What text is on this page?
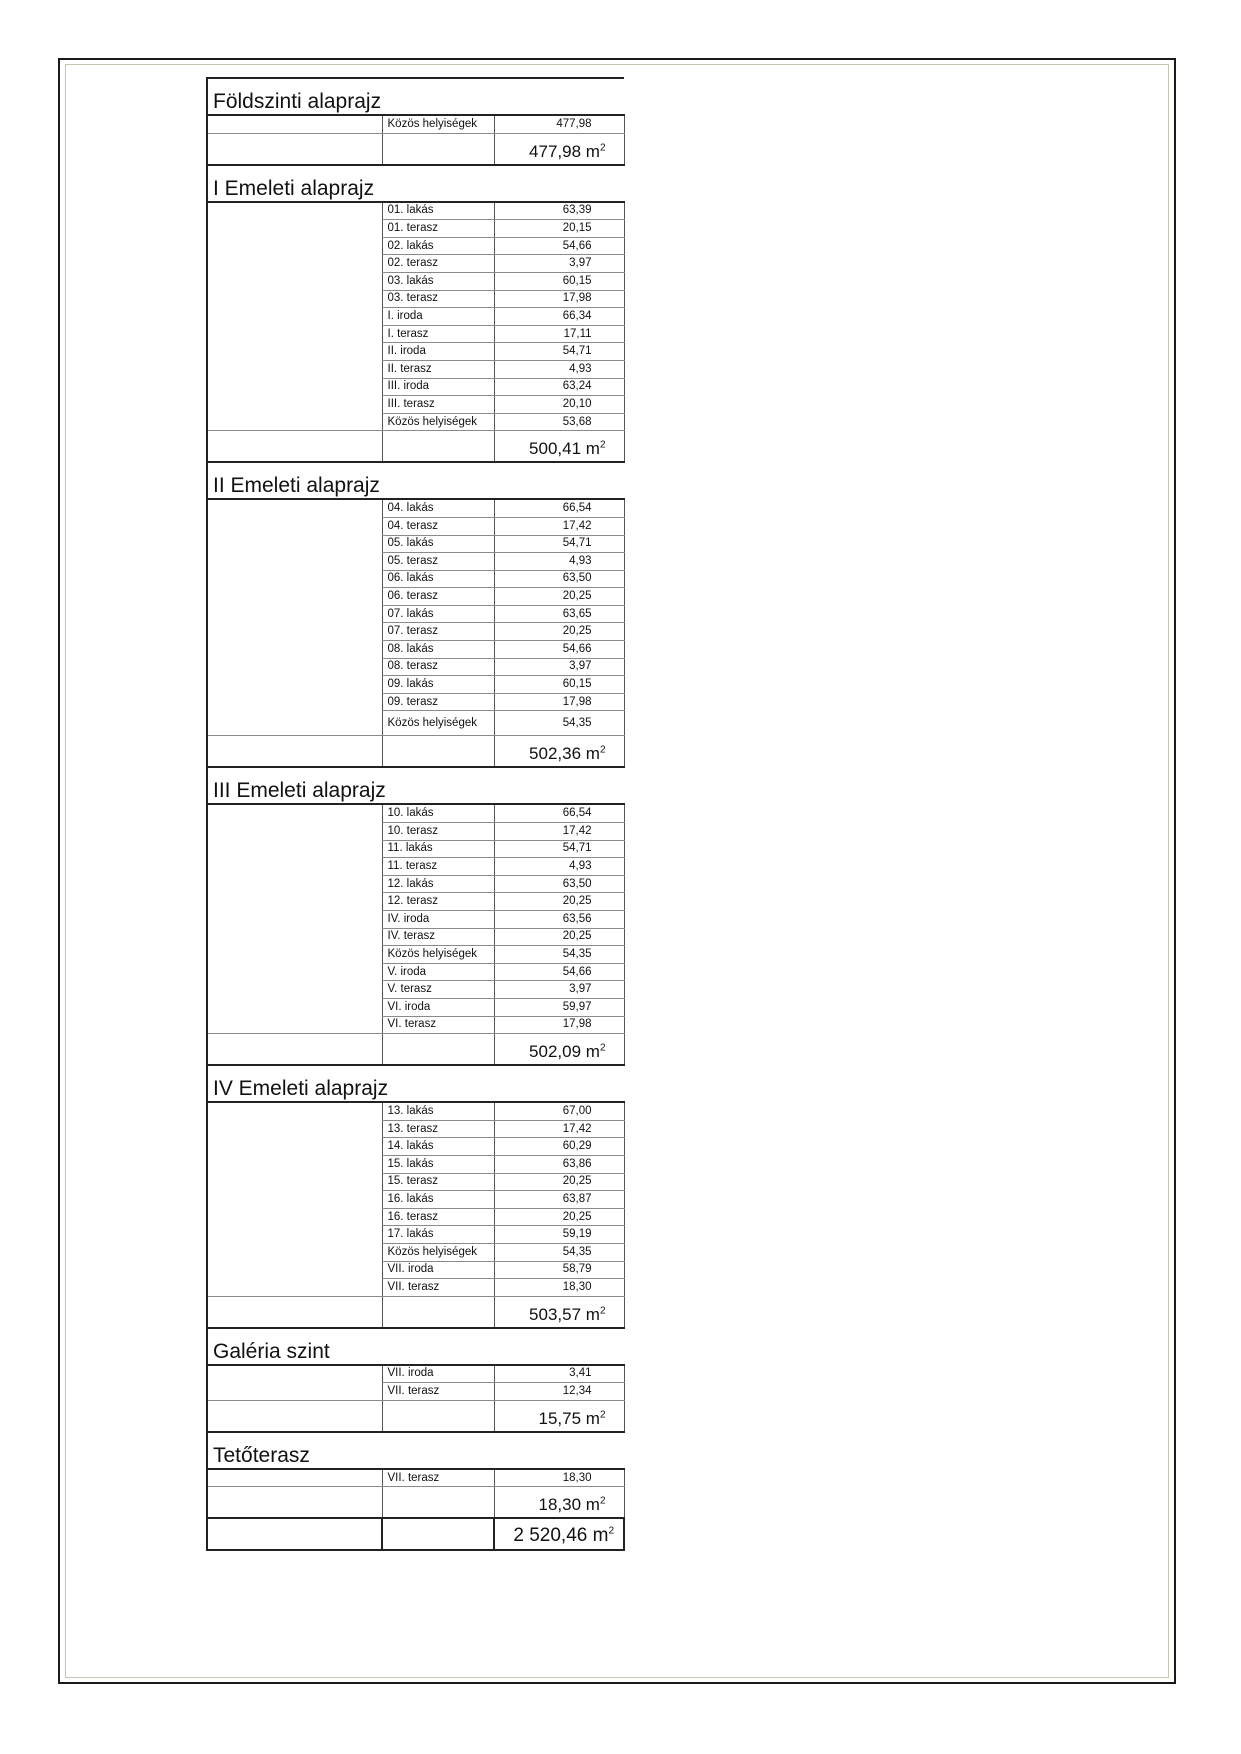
Földszinti alaprajz		
	Közös helyiségek	477,98
		477,98 $m^2$
I Emeleti alaprajz		
	01. lakás	63,39
	01. terasz	20,15
	02. lakás	54,66
	02. terasz	3,97
	03. lakás	60,15
	03. terasz	17,98
	I. iroda	66,34
	I. terasz	17,11
	II. iroda	54,71
	II. terasz	4,93
	III. iroda	63,24
	III. terasz	20,10
	Közös helyiségek	53,68
		500,41 $m^2$
II Emeleti alaprajz		
	04. lakás	66,54
	04. terasz	17,42
	05. lakás	54,71
	05. terasz	4,93
	06. lakás	63,50
	06. terasz	20,25
	07. lakás	63,65
	07. terasz	20,25
	08. lakás	54,66
	08. terasz	3,97
	09. lakás	60,15
	09. terasz	17,98
	Közös helyiségek	54,35
		502,36 $m^2$
III Emeleti alaprajz		
	10. lakás	66,54
	10. terasz	17,42
	11. lakás	54,71
	11. terasz	4,93
	12. lakás	63,50
	12. terasz	20,25
	IV. iroda	63,56
	IV. terasz	20,25
	Közös helyiségek	54,35
	V. iroda	54,66
	V. terasz	3,97
	VI. iroda	59,97
	VI. terasz	17,98
		502,09 $m^2$
IV Emeleti alaprajz		
	13. lakás	67,00
	13. terasz	17,42
	14. lakás	60,29
	15. lakás	63,86
	15. terasz	20,25
	16. lakás	63,87
	16. terasz	20,25
	17. lakás	59,19
	Közös helyiségek	54,35
	VII. iroda	58,79
	VII. terasz	18,30
		503,57 $m^2$
Galéria szint		
	VII. iroda	3,41
	VII. terasz	12,34
		15,75 $m^2$
Tetőterasz		
	VII. terasz	18,30
		18,30 $m^2$
		2 520,46 $m^2$
